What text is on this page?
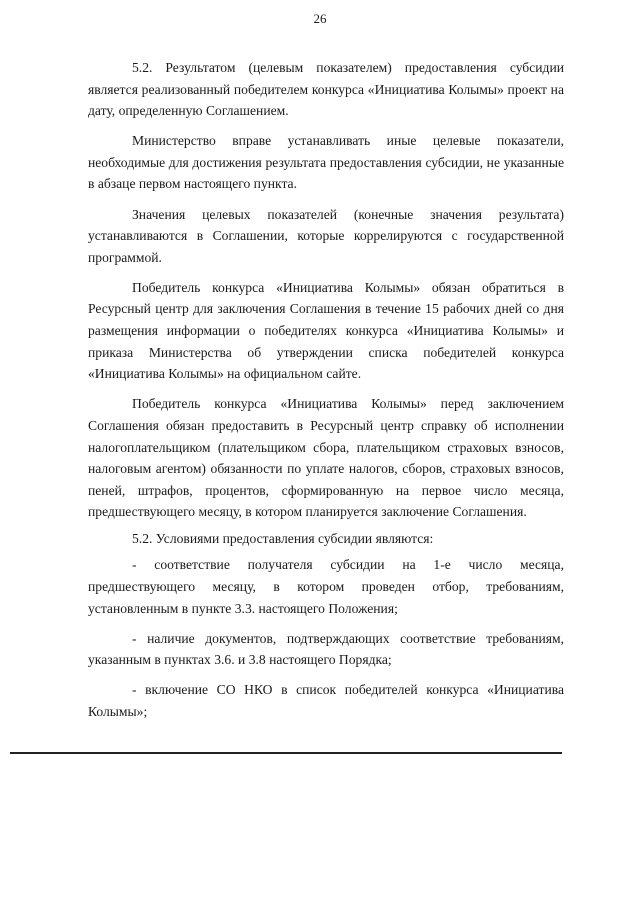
26

5.2. Результатом (целевым показателем) предоставления субсидии является реализованный победителем конкурса «Инициатива Колымы» проект на дату, определенную Соглашением.

Министерство вправе устанавливать иные целевые показатели, необходимые для достижения результата предоставления субсидии, не указанные в абзаце первом настоящего пункта.

Значения целевых показателей (конечные значения результата) устанавливаются в Соглашении, которые коррелируются с государственной программой.

Победитель конкурса «Инициатива Колымы» обязан обратиться в Ресурсный центр для заключения Соглашения в течение 15 рабочих дней со дня размещения информации о победителях конкурса «Инициатива Колымы» и приказа Министерства об утверждении списка победителей конкурса «Инициатива Колымы» на официальном сайте.

Победитель конкурса «Инициатива Колымы» перед заключением Соглашения обязан предоставить в Ресурсный центр справку об исполнении налогоплательщиком (плательщиком сбора, плательщиком страховых взносов, налоговым агентом) обязанности по уплате налогов, сборов, страховых взносов, пеней, штрафов, процентов, сформированную на первое число месяца, предшествующего месяцу, в котором планируется заключение Соглашения.

5.2. Условиями предоставления субсидии являются:

- соответствие получателя субсидии на 1-е число месяца, предшествующего месяцу, в котором проведен отбор, требованиям, установленным в пункте 3.3. настоящего Положения;

- наличие документов, подтверждающих соответствие требованиям, указанным в пунктах 3.6. и 3.8 настоящего Порядка;

- включение СО НКО в список победителей конкурса «Инициатива Колымы»;
